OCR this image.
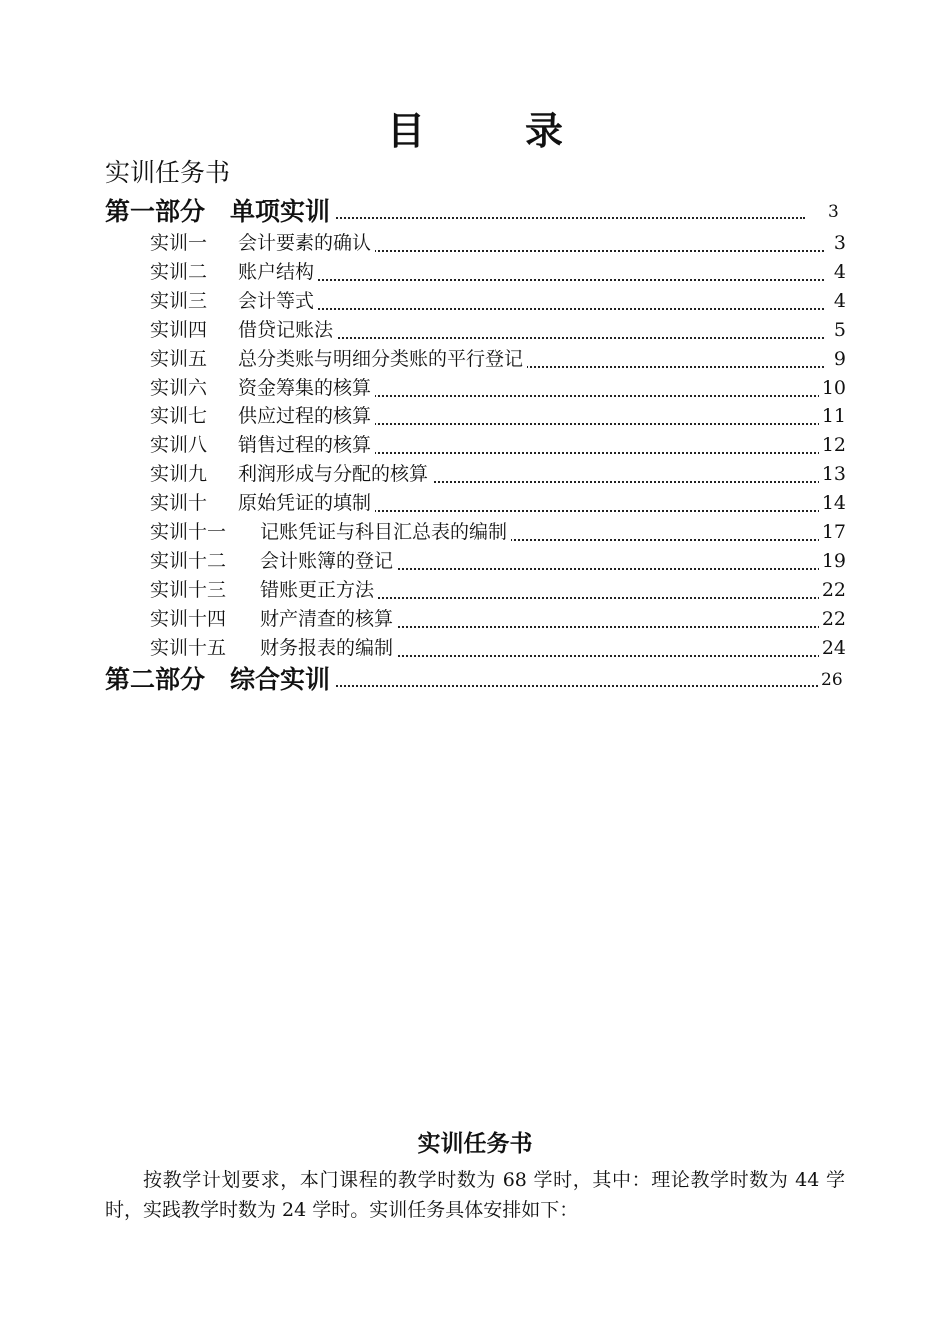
目	录
实训任务书
第一部分　 单项实训	3
实训一 会计要素的确认	3
实训二 账户结构	4
实训三 会计等式	4
实训四 借贷记账法	5
实训五 总分类账与明细分类账的平行登记	9
实训六 资金筹集的核算	10
实训七 供应过程的核算	11
实训八 销售过程的核算	12
实训九 利润形成与分配的核算	13
实训十 原始凭证的填制	14
实训十一 记账凭证与科目汇总表的编制	17
实训十二 会计账簿的登记	19
实训十三 错账更正方法	22
实训十四 财产清查的核算	22
实训十五 财务报表的编制	24
第二部分　 综合实训	26
实训任务书
按教学计划要求，本门课程的教学时数为 68 学时，其中：理论教学时数为 44 学时，实践教学时数为 24 学时。实训任务具体安排如下：
